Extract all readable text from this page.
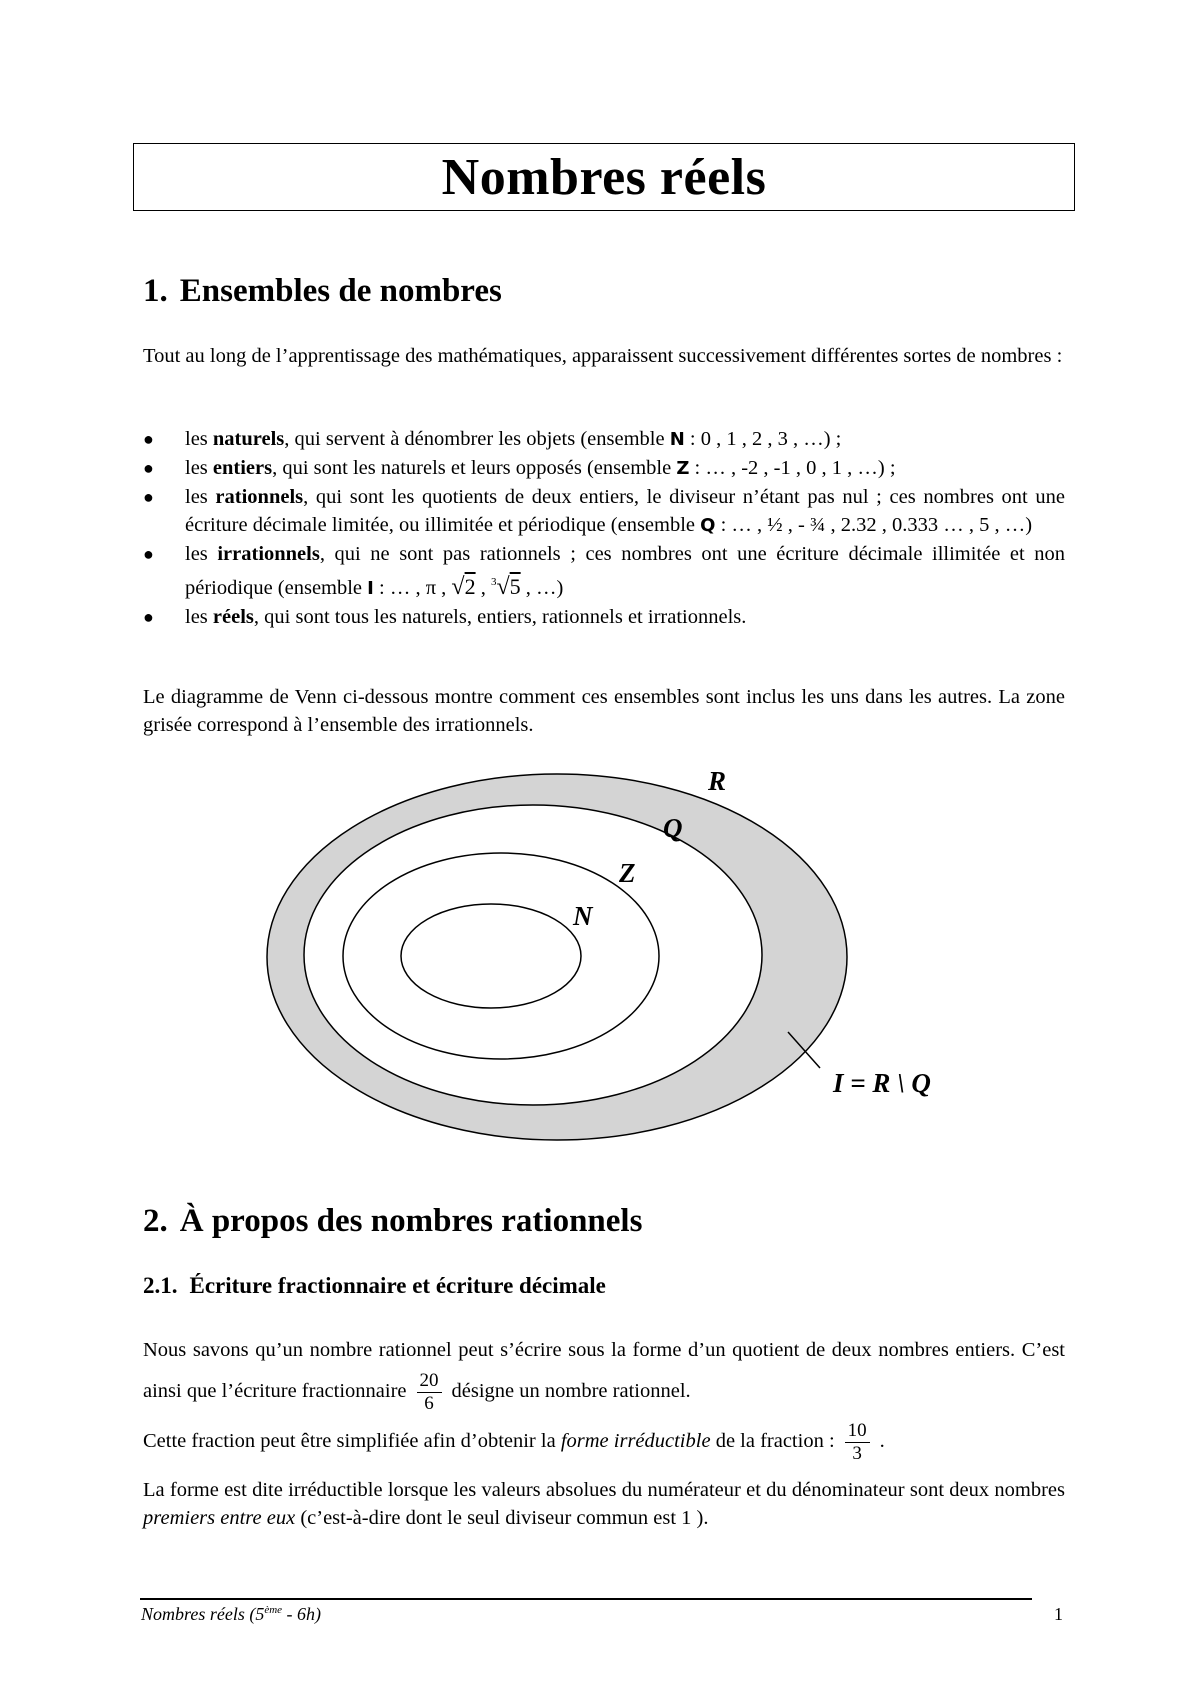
Nombres réels
1. Ensembles de nombres

Tout au long de l’apprentissage des mathématiques, apparaissent successivement différentes sortes de nombres :

● les naturels, qui servent à dénombrer les objets (ensemble N : 0 , 1 , 2 , 3 , …) ;
● les entiers, qui sont les naturels et leurs opposés (ensemble Z : … , -2 , -1 , 0 , 1 , …) ;
● les rationnels, qui sont les quotients de deux entiers, le diviseur n’étant pas nul ; ces nombres ont une écriture décimale limitée, ou illimitée et périodique (ensemble Q : … , ½ , - ¾ , 2.32 , 0.333 … , 5 , …)
● les irrationnels, qui ne sont pas rationnels ; ces nombres ont une écriture décimale illimitée et non périodique (ensemble I : … , π , √2 , $^3$√5 , …)
● les réels, qui sont tous les naturels, entiers, rationnels et irrationnels.

Le diagramme de Venn ci-dessous montre comment ces ensembles sont inclus les uns dans les autres. La zone grisée correspond à l’ensemble des irrationnels.

R
Q
Z
N
I = R \ Q
2. À propos des nombres rationnels
2.1. Écriture fractionnaire et écriture décimale

Nous savons qu’un nombre rationnel peut s’écrire sous la forme d’un quotient de deux nombres entiers. C’est ainsi que l’écriture fractionnaire $\frac{20}{6}$ désigne un nombre rationnel.

Cette fraction peut être simplifiée afin d’obtenir la forme irréductible de la fraction : $\frac{10}{3}$ .

La forme est dite irréductible lorsque les valeurs absolues du numérateur et du dénominateur sont deux nombres premiers entre eux (c’est-à-dire dont le seul diviseur commun est 1 ).

Nombres réels (5ème - 6h)	1
